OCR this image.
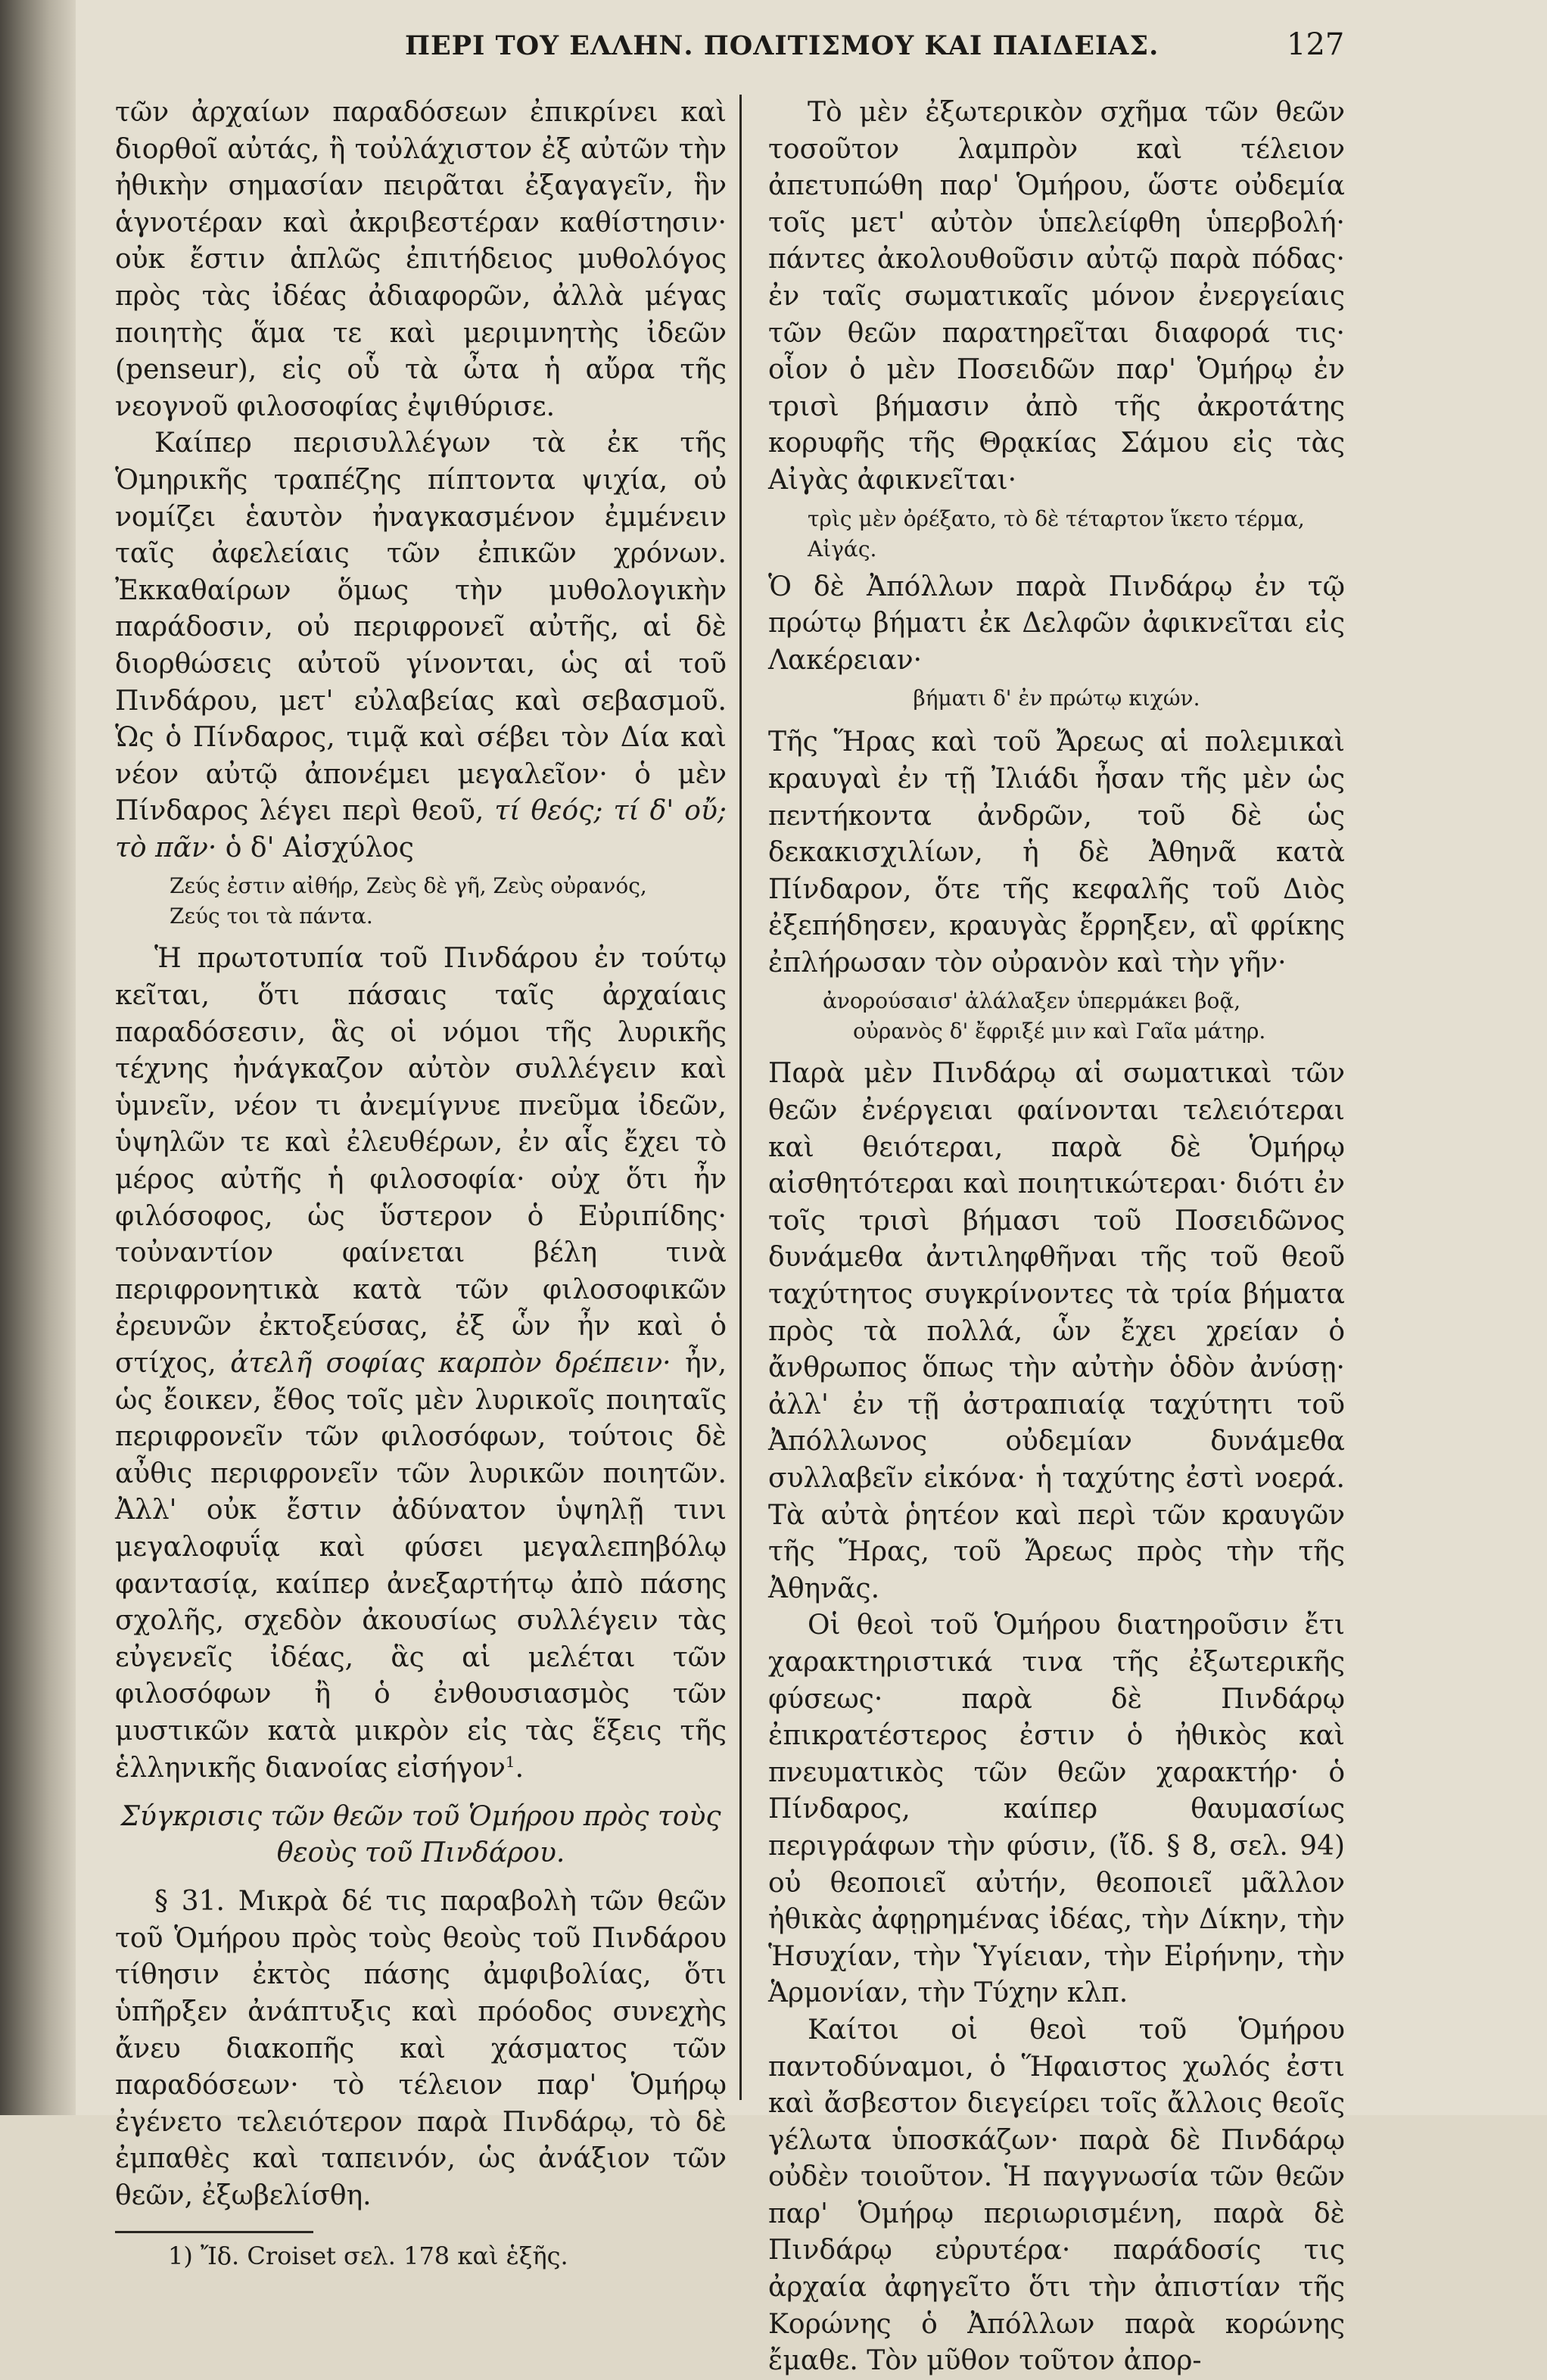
ΠΕΡΙ ΤΟΥ ΕΛΛΗΝ. ΠΟΛΙΤΙΣΜΟΥ ΚΑΙ ΠΑΙΔΕΙΑΣ.	127

τῶν ἀρχαίων παραδόσεων ἐπικρίνει καὶ διορθοῖ αὐτάς, ἢ τοὐλάχιστον ἐξ αὐτῶν τὴν ἠθικὴν σημασίαν πειρᾶται ἐξαγαγεῖν, ἣν ἁγνοτέραν καὶ ἀκριβεστέραν καθίστησιν· οὐκ ἔστιν ἁπλῶς ἐπιτήδειος μυθολόγος πρὸς τὰς ἰδέας ἀδιαφορῶν, ἀλλὰ μέγας ποιητὴς ἅμα τε καὶ μεριμνητὴς ἰδεῶν (penseur), εἰς οὗ τὰ ὦτα ἡ αὔρα τῆς νεογνοῦ φιλοσοφίας ἐψιθύρισε.

Καίπερ περισυλλέγων τὰ ἐκ τῆς Ὁμηρικῆς τραπέζης πίπτοντα ψιχία, οὐ νομίζει ἑαυτὸν ἠναγκασμένον ἐμμένειν ταῖς ἀφελείαις τῶν ἐπικῶν χρόνων. Ἐκκαθαίρων ὅμως τὴν μυθολογικὴν παράδοσιν, οὐ περιφρονεῖ αὐτῆς, αἱ δὲ διορθώσεις αὐτοῦ γίνονται, ὡς αἱ τοῦ Πινδάρου, μετ' εὐλαβείας καὶ σεβασμοῦ. Ὡς ὁ Πίνδαρος, τιμᾷ καὶ σέβει τὸν Δία καὶ νέον αὐτῷ ἀπονέμει μεγαλεῖον· ὁ μὲν Πίνδαρος λέγει περὶ θεοῦ, τί θεός; τί δ' οὔ; τὸ πᾶν· ὁ δ' Αἰσχύλος

Ζεύς ἐστιν αἰθήρ, Ζεὺς δὲ γῆ, Ζεὺς οὐρανός,
Ζεύς τοι τὰ πάντα.

Ἡ πρωτοτυπία τοῦ Πινδάρου ἐν τούτῳ κεῖται, ὅτι πάσαις ταῖς ἀρχαίαις παραδόσεσιν, ἃς οἱ νόμοι τῆς λυρικῆς τέχνης ἠνάγκαζον αὐτὸν συλλέγειν καὶ ὑμνεῖν, νέον τι ἀνεμίγνυε πνεῦμα ἰδεῶν, ὑψηλῶν τε καὶ ἐλευθέρων, ἐν αἷς ἔχει τὸ μέρος αὐτῆς ἡ φιλοσοφία· οὐχ ὅτι ἦν φιλόσοφος, ὡς ὕστερον ὁ Εὐριπίδης· τοὐναντίον φαίνεται βέλη τινὰ περιφρονητικὰ κατὰ τῶν φιλοσοφικῶν ἐρευνῶν ἐκτοξεύσας, ἐξ ὧν ἦν καὶ ὁ στίχος, ἀτελῆ σοφίας καρπὸν δρέπειν· ἦν, ὡς ἔοικεν, ἔθος τοῖς μὲν λυρικοῖς ποιηταῖς περιφρονεῖν τῶν φιλοσόφων, τούτοις δὲ αὖθις περιφρονεῖν τῶν λυρικῶν ποιητῶν. Ἀλλ' οὐκ ἔστιν ἀδύνατον ὑψηλῇ τινι μεγαλοφυΐᾳ καὶ φύσει μεγαλεπηβόλῳ φαντασίᾳ, καίπερ ἀνεξαρτήτῳ ἀπὸ πάσης σχολῆς, σχεδὸν ἀκουσίως συλλέγειν τὰς εὐγενεῖς ἰδέας, ἃς αἱ μελέται τῶν φιλοσόφων ἢ ὁ ἐνθουσιασμὸς τῶν μυστικῶν κατὰ μικρὸν εἰς τὰς ἕξεις τῆς ἑλληνικῆς διανοίας εἰσήγον$^1$.

Σύγκρισις τῶν θεῶν τοῦ Ὁμήρου πρὸς τοὺς
θεοὺς τοῦ Πινδάρου.

§ 31. Μικρὰ δέ τις παραβολὴ τῶν θεῶν τοῦ Ὁμήρου πρὸς τοὺς θεοὺς τοῦ Πινδάρου τίθησιν ἐκτὸς πάσης ἀμφιβολίας, ὅτι ὑπῆρξεν ἀνάπτυξις καὶ πρόοδος συνεχὴς ἄνευ διακοπῆς καὶ χάσματος τῶν παραδόσεων· τὸ τέλειον παρ' Ὁμήρῳ ἐγένετο τελειότερον παρὰ Πινδάρῳ, τὸ δὲ ἐμπαθὲς καὶ ταπεινόν, ὡς ἀνάξιον τῶν θεῶν, ἐξωβελίσθη.

1) Ἴδ. Croiset σελ. 178 καὶ ἑξῆς.

Τὸ μὲν ἐξωτερικὸν σχῆμα τῶν θεῶν τοσοῦτον λαμπρὸν καὶ τέλειον ἀπετυπώθη παρ' Ὁμήρου, ὥστε οὐδεμία τοῖς μετ' αὐτὸν ὑπελείφθη ὑπερβολή· πάντες ἀκολουθοῦσιν αὐτῷ παρὰ πόδας· ἐν ταῖς σωματικαῖς μόνον ἐνεργείαις τῶν θεῶν παρατηρεῖται διαφορά τις· οἷον ὁ μὲν Ποσειδῶν παρ' Ὁμήρῳ ἐν τρισὶ βήμασιν ἀπὸ τῆς ἀκροτάτης κορυφῆς τῆς Θρᾳκίας Σάμου εἰς τὰς Αἰγὰς ἀφικνεῖται·

τρὶς μὲν ὀρέξατο, τὸ δὲ τέταρτον ἵκετο τέρμα, Αἰγάς.

Ὁ δὲ Ἀπόλλων παρὰ Πινδάρῳ ἐν τῷ πρώτῳ βήματι ἐκ Δελφῶν ἀφικνεῖται εἰς Λακέρειαν·

βήματι δ' ἐν πρώτῳ κιχών.

Τῆς Ἥρας καὶ τοῦ Ἄρεως αἱ πολεμικαὶ κραυγαὶ ἐν τῇ Ἰλιάδι ἦσαν τῆς μὲν ὡς πεντήκοντα ἀνδρῶν, τοῦ δὲ ὡς δεκακισχιλίων, ἡ δὲ Ἀθηνᾶ κατὰ Πίνδαρον, ὅτε τῆς κεφαλῆς τοῦ Διὸς ἐξεπήδησεν, κραυγὰς ἔρρηξεν, αἳ φρίκης ἐπλήρωσαν τὸν οὐρανὸν καὶ τὴν γῆν·

ἀνορούσαισ' ἀλάλαξεν ὑπερμάκει βοᾷ,
οὐρανὸς δ' ἔφριξέ μιν καὶ Γαῖα μάτηρ.

Παρὰ μὲν Πινδάρῳ αἱ σωματικαὶ τῶν θεῶν ἐνέργειαι φαίνονται τελειότεραι καὶ θειότεραι, παρὰ δὲ Ὁμήρῳ αἰσθητότεραι καὶ ποιητικώτεραι· διότι ἐν τοῖς τρισὶ βήμασι τοῦ Ποσειδῶνος δυνάμεθα ἀντιληφθῆναι τῆς τοῦ θεοῦ ταχύτητος συγκρίνοντες τὰ τρία βήματα πρὸς τὰ πολλά, ὧν ἔχει χρείαν ὁ ἄνθρωπος ὅπως τὴν αὐτὴν ὁδὸν ἀνύσῃ· ἀλλ' ἐν τῇ ἀστραπιαίᾳ ταχύτητι τοῦ Ἀπόλλωνος οὐδεμίαν δυνάμεθα συλλαβεῖν εἰκόνα· ἡ ταχύτης ἐστὶ νοερά. Τὰ αὐτὰ ῥητέον καὶ περὶ τῶν κραυγῶν τῆς Ἥρας, τοῦ Ἄρεως πρὸς τὴν τῆς Ἀθηνᾶς.

Οἱ θεοὶ τοῦ Ὁμήρου διατηροῦσιν ἔτι χαρακτηριστικά τινα τῆς ἐξωτερικῆς φύσεως· παρὰ δὲ Πινδάρῳ ἐπικρατέστερος ἐστιν ὁ ἠθικὸς καὶ πνευματικὸς τῶν θεῶν χαρακτήρ· ὁ Πίνδαρος, καίπερ θαυμασίως περιγράφων τὴν φύσιν, (ἴδ. § 8, σελ. 94) οὐ θεοποιεῖ αὐτήν, θεοποιεῖ μᾶλλον ἠθικὰς ἀφῃρημένας ἰδέας, τὴν Δίκην, τὴν Ἡσυχίαν, τὴν Ὑγίειαν, τὴν Εἰρήνην, τὴν Ἁρμονίαν, τὴν Τύχην κλπ.

Καίτοι οἱ θεοὶ τοῦ Ὁμήρου παντοδύναμοι, ὁ Ἥφαιστος χωλός ἐστι καὶ ἄσβεστον διεγείρει τοῖς ἄλλοις θεοῖς γέλωτα ὑποσκάζων· παρὰ δὲ Πινδάρῳ οὐδὲν τοιοῦτον. Ἡ παγγνωσία τῶν θεῶν παρ' Ὁμήρῳ περιωρισμένη, παρὰ δὲ Πινδάρῳ εὐρυτέρα· παράδοσίς τις ἀρχαία ἀφηγεῖτο ὅτι τὴν ἀπιστίαν τῆς Κορώνης ὁ Ἀπόλλων παρὰ κορώνης ἔμαθε. Τὸν μῦθον τοῦτον ἀπορ-
